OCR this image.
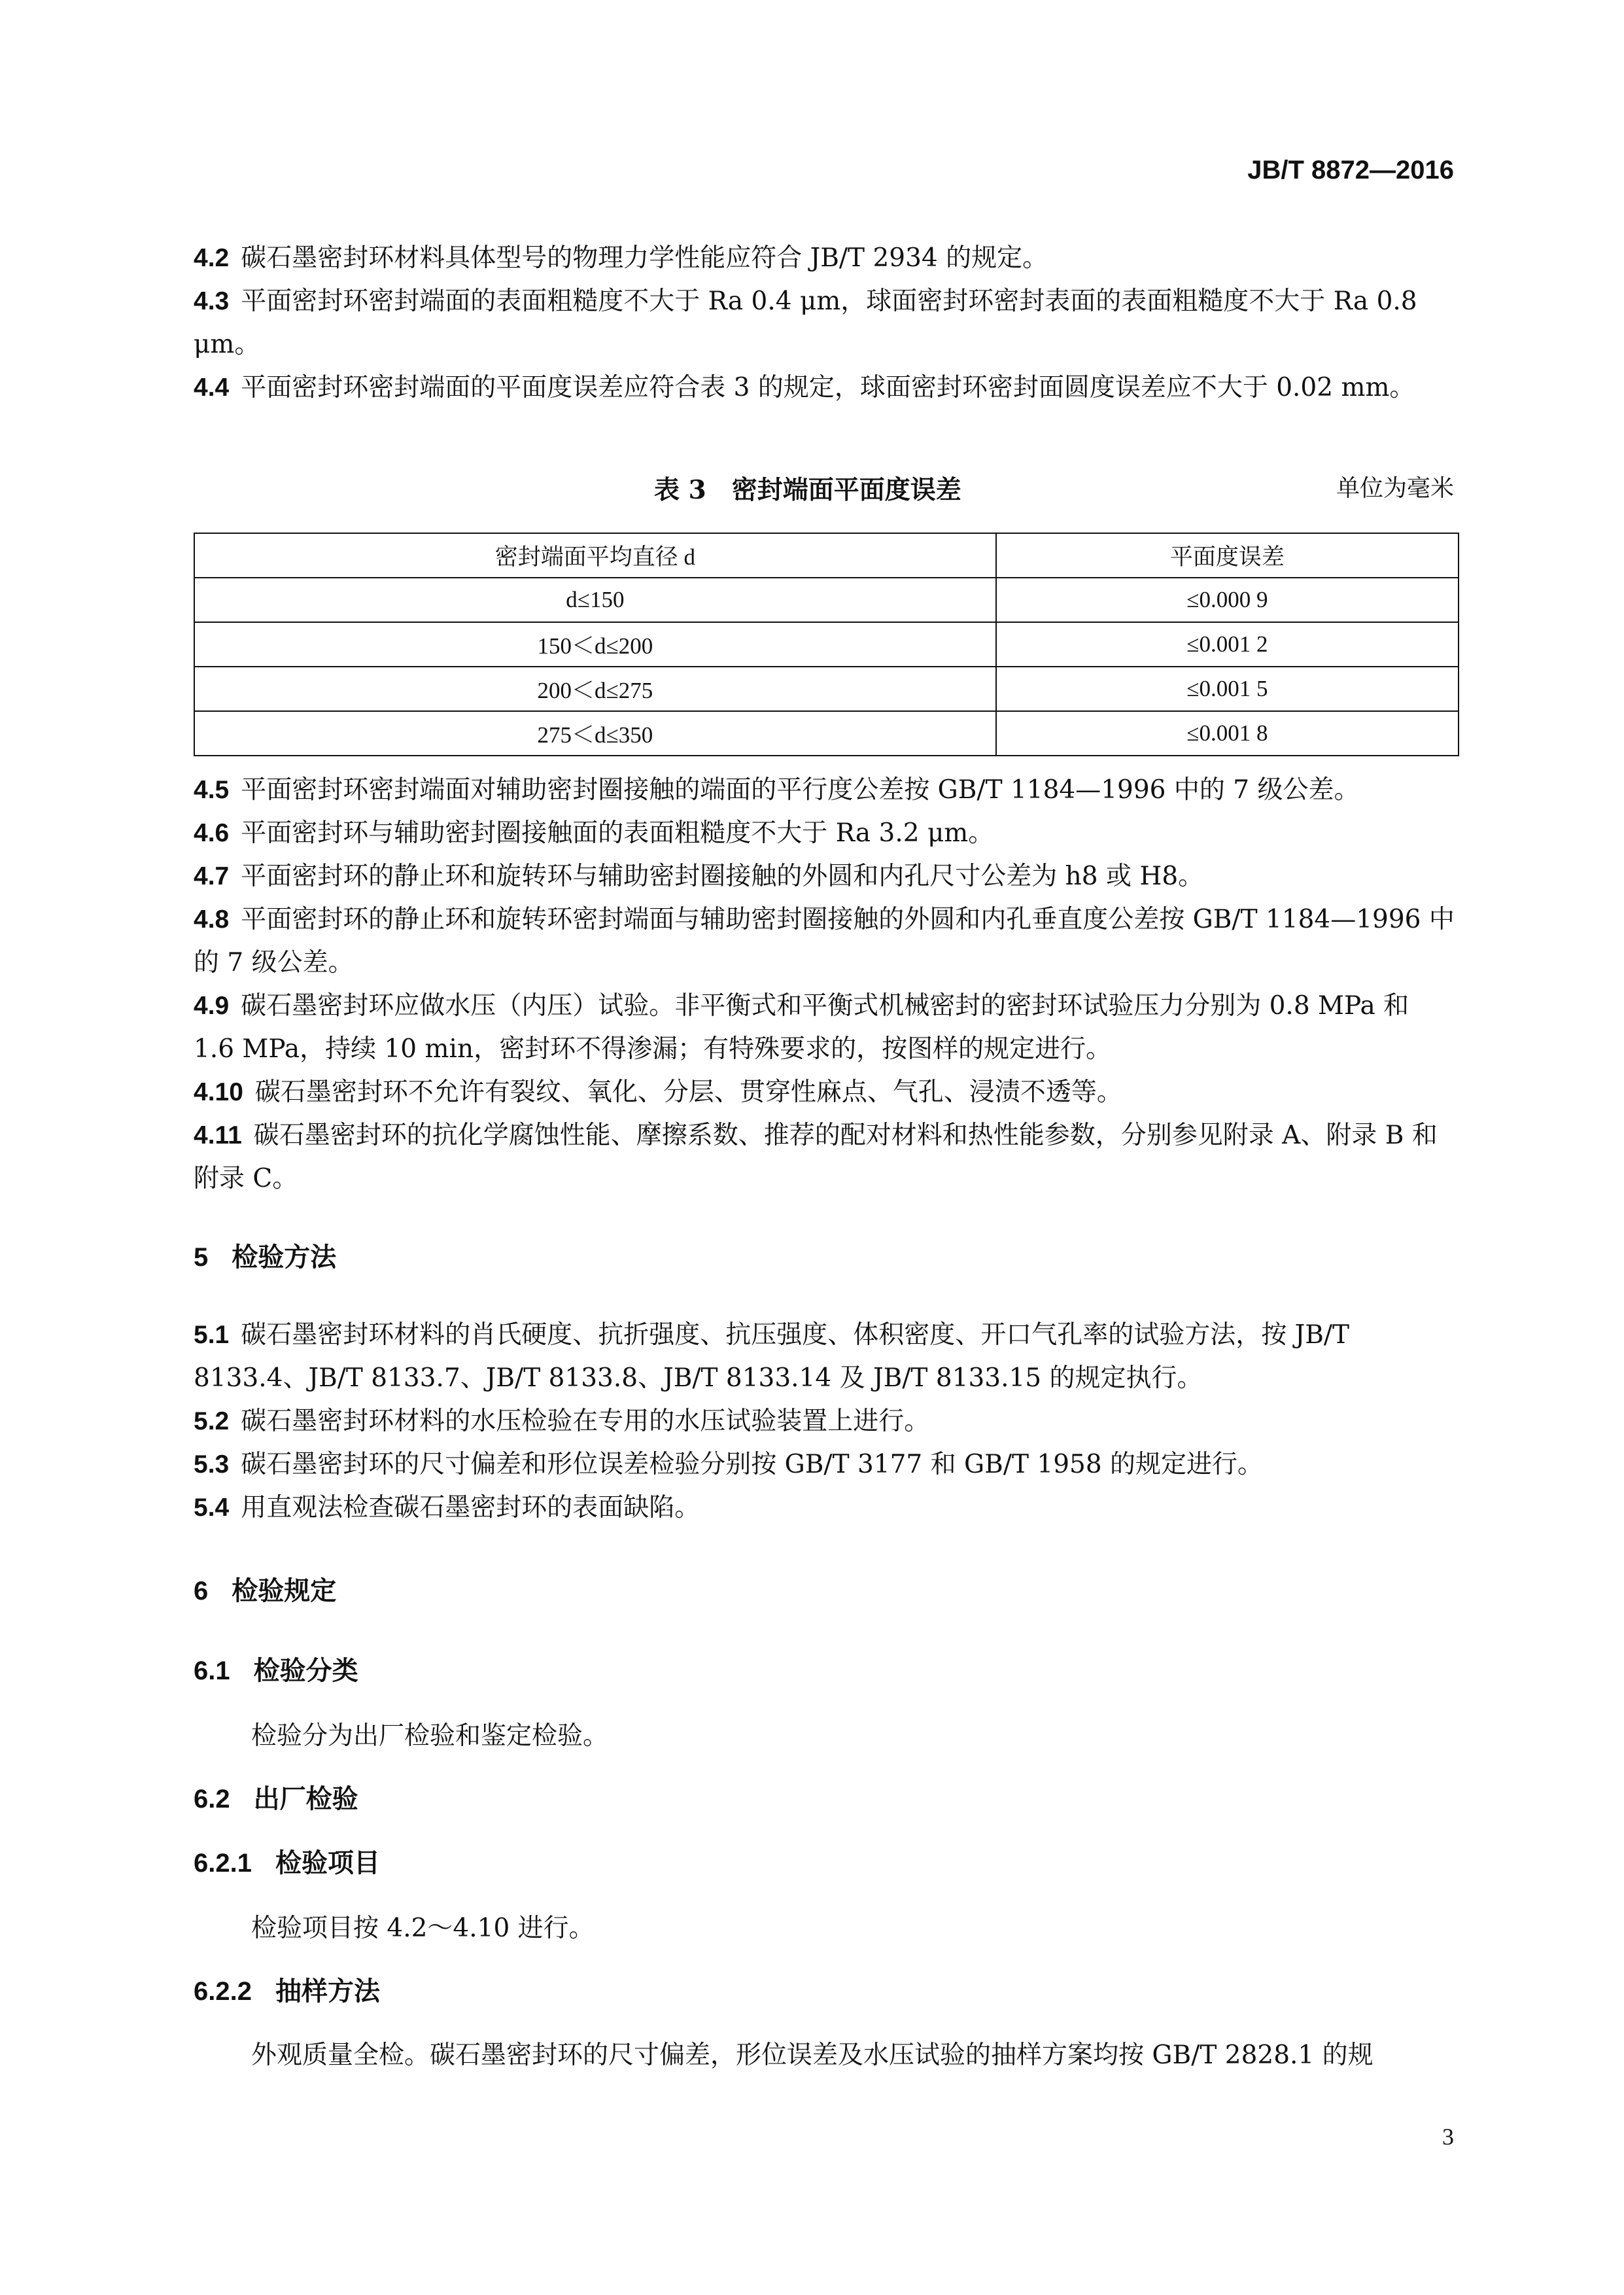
JB/T 8872—2016
4.2 碳石墨密封环材料具体型号的物理力学性能应符合 JB/T 2934 的规定。
4.3 平面密封环密封端面的表面粗糙度不大于 Ra 0.4 μm，球面密封环密封表面的表面粗糙度不大于 Ra 0.8 μm。
4.4 平面密封环密封端面的平面度误差应符合表 3 的规定，球面密封环密封面圆度误差应不大于 0.02 mm。
表 3　密封端面平面度误差	单位为毫米
密封端面平均直径 d	平面度误差
d≤150	≤0.000 9
150＜d≤200	≤0.001 2
200＜d≤275	≤0.001 5
275＜d≤350	≤0.001 8
4.5 平面密封环密封端面对辅助密封圈接触的端面的平行度公差按 GB/T 1184—1996 中的 7 级公差。
4.6 平面密封环与辅助密封圈接触面的表面粗糙度不大于 Ra 3.2 μm。
4.7 平面密封环的静止环和旋转环与辅助密封圈接触的外圆和内孔尺寸公差为 h8 或 H8。
4.8 平面密封环的静止环和旋转环密封端面与辅助密封圈接触的外圆和内孔垂直度公差按 GB/T 1184—1996 中的 7 级公差。
4.9 碳石墨密封环应做水压（内压）试验。非平衡式和平衡式机械密封的密封环试验压力分别为 0.8 MPa 和 1.6 MPa，持续 10 min，密封环不得渗漏；有特殊要求的，按图样的规定进行。
4.10 碳石墨密封环不允许有裂纹、氧化、分层、贯穿性麻点、气孔、浸渍不透等。
4.11 碳石墨密封环的抗化学腐蚀性能、摩擦系数、推荐的配对材料和热性能参数，分别参见附录 A、附录 B 和附录 C。
5 检验方法
5.1 碳石墨密封环材料的肖氏硬度、抗折强度、抗压强度、体积密度、开口气孔率的试验方法，按 JB/T 8133.4、JB/T 8133.7、JB/T 8133.8、JB/T 8133.14 及 JB/T 8133.15 的规定执行。
5.2 碳石墨密封环材料的水压检验在专用的水压试验装置上进行。
5.3 碳石墨密封环的尺寸偏差和形位误差检验分别按 GB/T 3177 和 GB/T 1958 的规定进行。
5.4 用直观法检查碳石墨密封环的表面缺陷。
6 检验规定
6.1 检验分类
检验分为出厂检验和鉴定检验。
6.2 出厂检验
6.2.1 检验项目
检验项目按 4.2～4.10 进行。
6.2.2 抽样方法
外观质量全检。碳石墨密封环的尺寸偏差，形位误差及水压试验的抽样方案均按 GB/T 2828.1 的规
3
